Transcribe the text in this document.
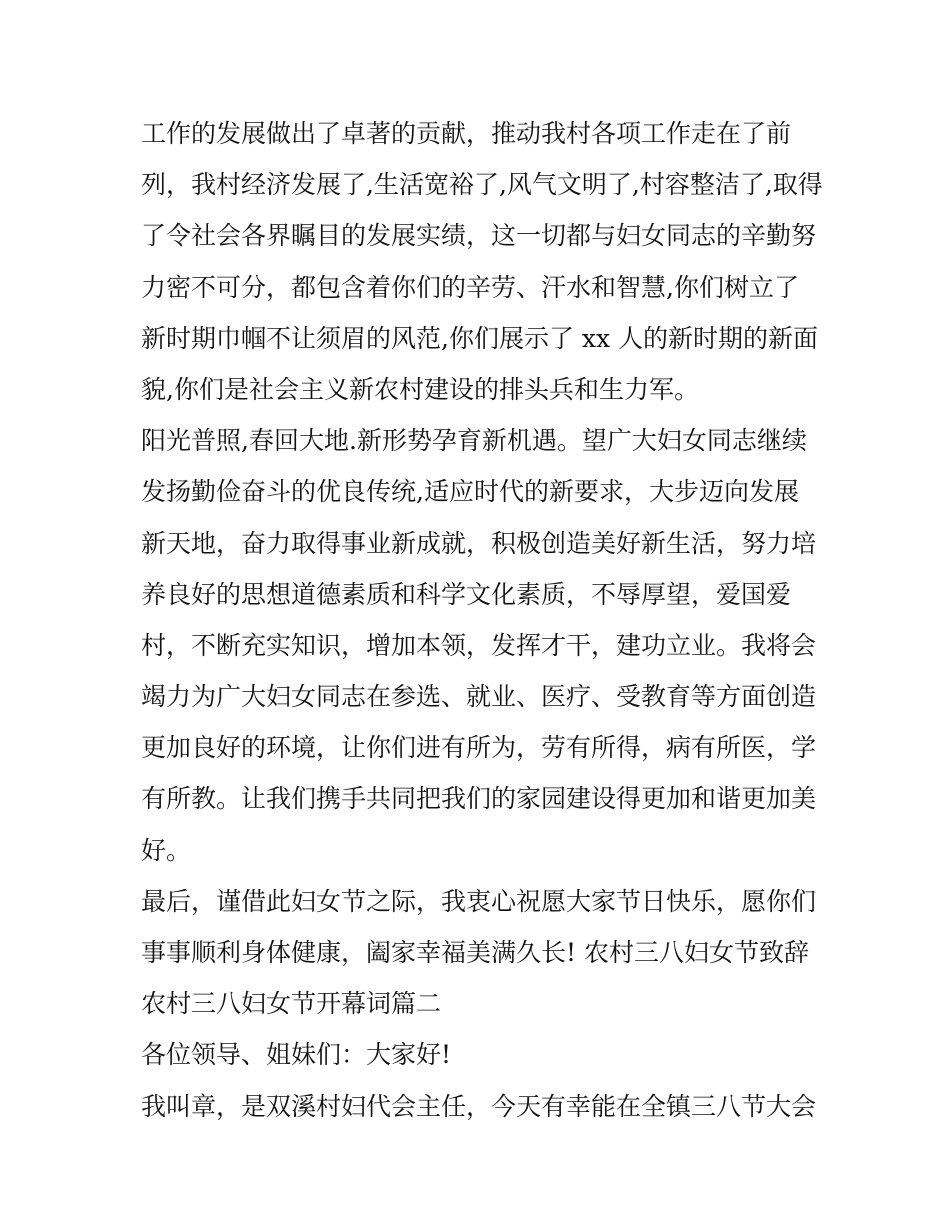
工作的发展做出了卓著的贡献，推动我村各项工作走在了前
列，我村经济发展了,生活宽裕了,风气文明了,村容整洁了,取得
了令社会各界瞩目的发展实绩，这一切都与妇女同志的辛勤努
力密不可分，都包含着你们的辛劳、汗水和智慧,你们树立了
新时期巾帼不让须眉的风范,你们展示了 xx 人的新时期的新面
貌,你们是社会主义新农村建设的排头兵和生力军。
阳光普照,春回大地.新形势孕育新机遇。望广大妇女同志继续
发扬勤俭奋斗的优良传统,适应时代的新要求，大步迈向发展
新天地，奋力取得事业新成就，积极创造美好新生活，努力培
养良好的思想道德素质和科学文化素质，不辱厚望，爱国爱
村，不断充实知识，增加本领，发挥才干，建功立业。我将会
竭力为广大妇女同志在参选、就业、医疗、受教育等方面创造
更加良好的环境，让你们进有所为，劳有所得，病有所医，学
有所教。让我们携手共同把我们的家园建设得更加和谐更加美
好。
最后，谨借此妇女节之际，我衷心祝愿大家节日快乐，愿你们
事事顺利身体健康，阖家幸福美满久长! 农村三八妇女节致辞
农村三八妇女节开幕词篇二
各位领导、姐妹们：大家好!
我叫章，是双溪村妇代会主任，今天有幸能在全镇三八节大会
